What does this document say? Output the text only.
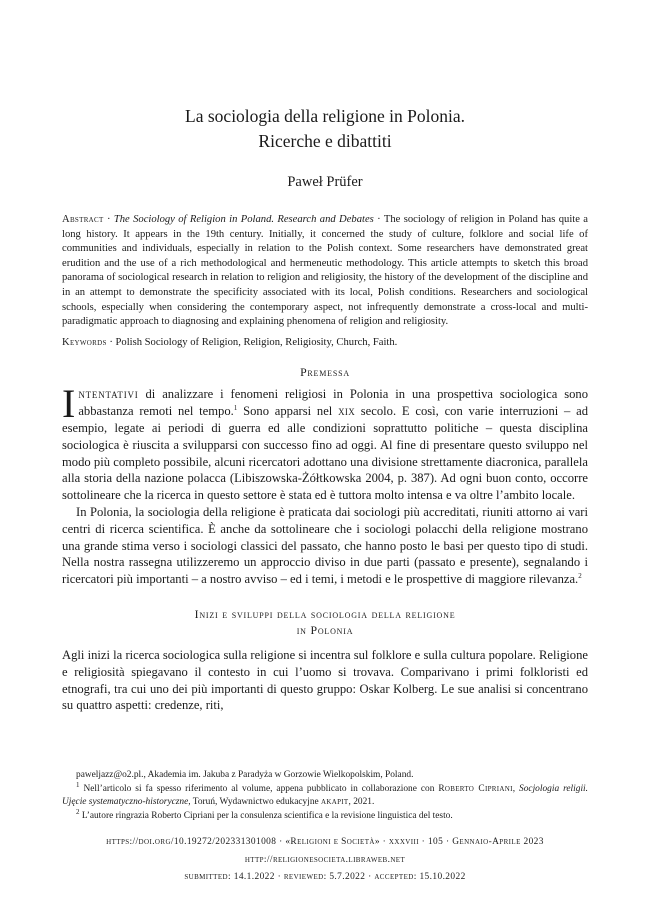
La sociologia della religione in Polonia.
Ricerche e dibattiti
Paweł Prüfer
Abstract · The Sociology of Religion in Poland. Research and Debates · The sociology of religion in Poland has quite a long history. It appears in the 19th century. Initially, it concerned the study of culture, folklore and social life of communities and individuals, especially in relation to the Polish context. Some researchers have demonstrated great erudition and the use of a rich methodological and hermeneutic methodology. This article attempts to sketch this broad panorama of sociological research in relation to religion and religiosity, the history of the development of the discipline and in an attempt to demonstrate the specificity associated with its local, Polish conditions. Researchers and sociological schools, especially when considering the contemporary aspect, not infrequently demonstrate a cross-local and multi-paradigmatic approach to diagnosing and explaining phenomena of religion and religiosity.
Keywords · Polish Sociology of Religion, Religion, Religiosity, Church, Faith.
Premessa

Intentativi di analizzare i fenomeni religiosi in Polonia in una prospettiva sociologica sono abbastanza remoti nel tempo.$^1$ Sono apparsi nel xix secolo. E così, con varie interruzioni – ad esempio, legate ai periodi di guerra ed alle condizioni soprattutto politiche – questa disciplina sociologica è riuscita a svilupparsi con successo fino ad oggi. Al fine di presentare questo sviluppo nel modo più completo possibile, alcuni ricercatori adottano una divisione strettamente diacronica, parallela alla storia della nazione polacca (Libiszowska-Żółtkowska 2004, p. 387). Ad ogni buon conto, occorre sottolineare che la ricerca in questo settore è stata ed è tuttora molto intensa e va oltre l’ambito locale.

In Polonia, la sociologia della religione è praticata dai sociologi più accreditati, riuniti attorno ai vari centri di ricerca scientifica. È anche da sottolineare che i sociologi polacchi della religione mostrano una grande stima verso i sociologi classici del passato, che hanno posto le basi per questo tipo di studi. Nella nostra rassegna utilizzeremo un approccio diviso in due parti (passato e presente), segnalando i ricercatori più importanti – a nostro avviso – ed i temi, i metodi e le prospettive di maggiore rilevanza.$^2$

Inizi e sviluppi della sociologia della religione
in Polonia

Agli inizi la ricerca sociologica sulla religione si incentra sul folklore e sulla cultura popolare. Religione e religiosità spiegavano il contesto in cui l’uomo si trovava. Comparivano i primi folkloristi ed etnografi, tra cui uno dei più importanti di questo gruppo: Oskar Kolberg. Le sue analisi si concentrano su quattro aspetti: credenze, riti,

paweljazz@o2.pl., Akademia im. Jakuba z Paradyża w Gorzowie Wielkopolskim, Poland.

$^1$ Nell’articolo si fa spesso riferimento al volume, appena pubblicato in collaborazione con Roberto Cipriani, Socjologia religii. Ujęcie systematyczno-historyczne, Toruń, Wydawnictwo edukacyjne akapit, 2021.

$^2$ L’autore ringrazia Roberto Cipriani per la consulenza scientifica e la revisione linguistica del testo.

https://doi.org/10.19272/202331301008 · «Religioni e Società» · xxxviii · 105 · Gennaio-Aprile 2023
http://religionesocieta.libraweb.net
submitted: 14.1.2022 · reviewed: 5.7.2022 · accepted: 15.10.2022
